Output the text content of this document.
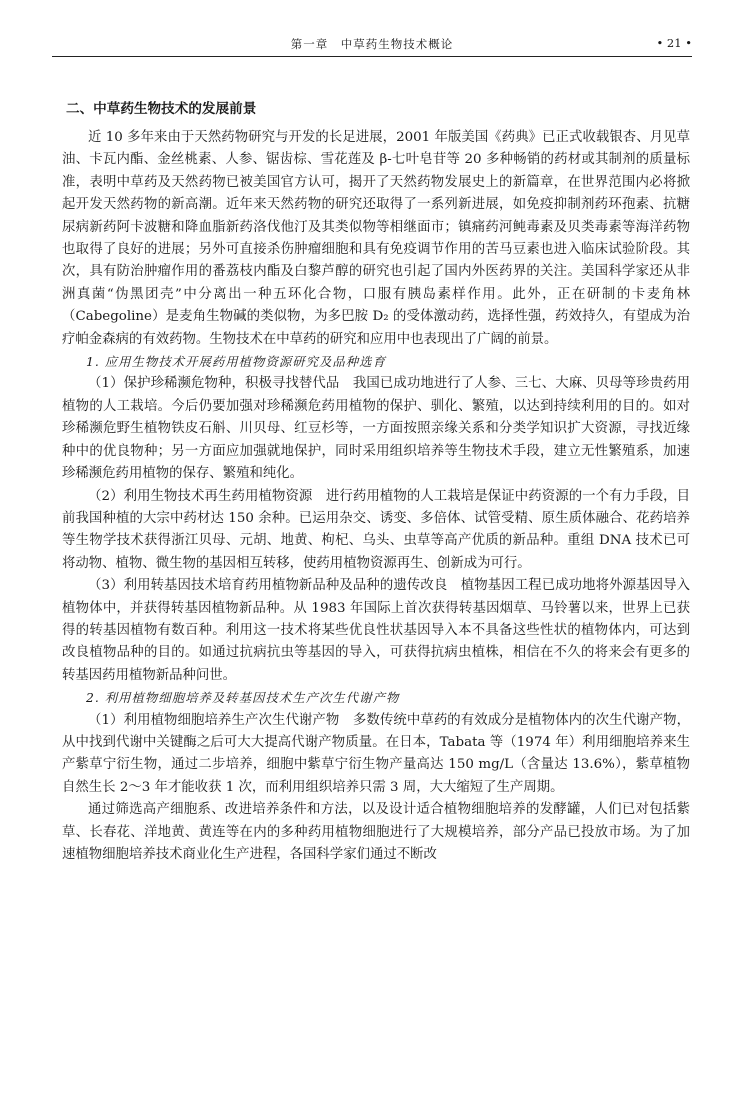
第一章　中草药生物技术概论	• 21 •
二、中草药生物技术的发展前景

近 10 多年来由于天然药物研究与开发的长足进展，2001 年版美国《药典》已正式收载银杏、月见草油、卡瓦内酯、金丝桃素、人参、锯齿棕、雪花莲及 β-七叶皂苷等 20 多种畅销的药材或其制剂的质量标准，表明中草药及天然药物已被美国官方认可，揭开了天然药物发展史上的新篇章，在世界范围内必将掀起开发天然药物的新高潮。近年来天然药物的研究还取得了一系列新进展，如免疫抑制剂药环孢素、抗糖尿病新药阿卡波糖和降血脂新药洛伐他汀及其类似物等相继面市；镇痛药河鲀毒素及贝类毒素等海洋药物也取得了良好的进展；另外可直接杀伤肿瘤细胞和具有免疫调节作用的苦马豆素也进入临床试验阶段。其次，具有防治肿瘤作用的番荔枝内酯及白黎芦醇的研究也引起了国内外医药界的关注。美国科学家还从非洲真菌“伪黑团壳”中分离出一种五环化合物，口服有胰岛素样作用。此外，正在研制的卡麦角林（Cabegoline）是麦角生物碱的类似物，为多巴胺 D₂ 的受体激动药，选择性强，药效持久，有望成为治疗帕金森病的有效药物。生物技术在中草药的研究和应用中也表现出了广阔的前景。

1. 应用生物技术开展药用植物资源研究及品种选育

（1）保护珍稀濒危物种，积极寻找替代品　我国已成功地进行了人参、三七、大麻、贝母等珍贵药用植物的人工栽培。今后仍要加强对珍稀濒危药用植物的保护、驯化、繁殖，以达到持续利用的目的。如对珍稀濒危野生植物铁皮石斛、川贝母、红豆杉等，一方面按照亲缘关系和分类学知识扩大资源，寻找近缘种中的优良物种；另一方面应加强就地保护，同时采用组织培养等生物技术手段，建立无性繁殖系，加速珍稀濒危药用植物的保存、繁殖和纯化。

（2）利用生物技术再生药用植物资源　进行药用植物的人工栽培是保证中药资源的一个有力手段，目前我国种植的大宗中药材达 150 余种。已运用杂交、诱变、多倍体、试管受精、原生质体融合、花药培养等生物学技术获得浙江贝母、元胡、地黄、枸杞、乌头、虫草等高产优质的新品种。重组 DNA 技术已可将动物、植物、微生物的基因相互转移，使药用植物资源再生、创新成为可行。

（3）利用转基因技术培育药用植物新品种及品种的遗传改良　植物基因工程已成功地将外源基因导入植物体中，并获得转基因植物新品种。从 1983 年国际上首次获得转基因烟草、马铃薯以来，世界上已获得的转基因植物有数百种。利用这一技术将某些优良性状基因导入本不具备这些性状的植物体内，可达到改良植物品种的目的。如通过抗病抗虫等基因的导入，可获得抗病虫植株，相信在不久的将来会有更多的转基因药用植物新品种问世。

2. 利用植物细胞培养及转基因技术生产次生代谢产物

（1）利用植物细胞培养生产次生代谢产物　多数传统中草药的有效成分是植物体内的次生代谢产物，从中找到代谢中关键酶之后可大大提高代谢产物质量。在日本，Tabata 等（1974 年）利用细胞培养来生产紫草宁衍生物，通过二步培养，细胞中紫草宁衍生物产量高达 150 mg/L（含量达 13.6%），紫草植物自然生长 2～3 年才能收获 1 次，而利用组织培养只需 3 周，大大缩短了生产周期。

通过筛选高产细胞系、改进培养条件和方法，以及设计适合植物细胞培养的发酵罐，人们已对包括紫草、长春花、洋地黄、黄连等在内的多种药用植物细胞进行了大规模培养，部分产品已投放市场。为了加速植物细胞培养技术商业化生产进程，各国科学家们通过不断改
